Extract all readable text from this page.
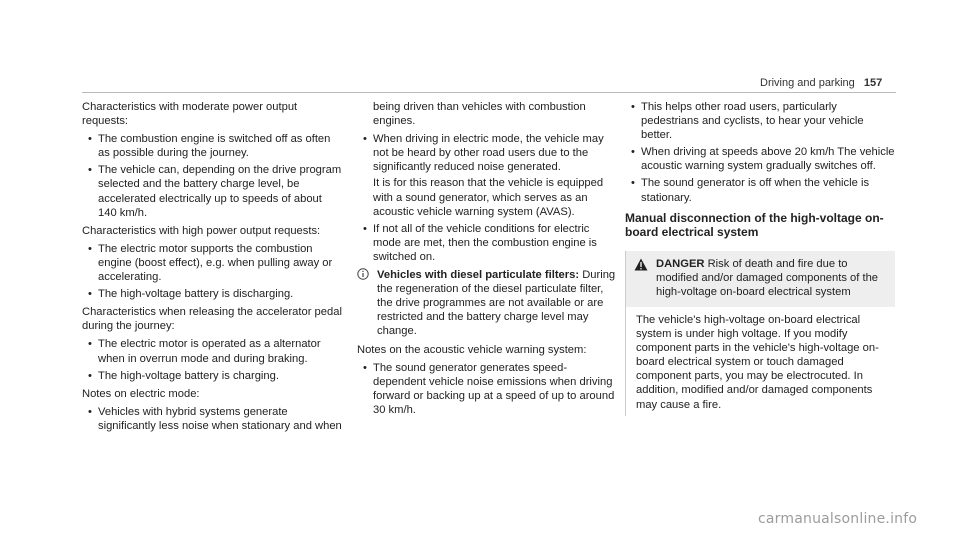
Driving and parking 157

Characteristics with moderate power output requests:

• The combustion engine is switched off as often as possible during the journey.
• The vehicle can, depending on the drive program selected and the battery charge level, be accelerated electrically up to speeds of about 140 km/h.

Characteristics with high power output requests:

• The electric motor supports the combustion engine (boost effect), e.g. when pulling away or accelerating.
• The high-voltage battery is discharging.

Characteristics when releasing the accelerator pedal during the journey:

• The electric motor is operated as a alternator when in overrun mode and during braking.
• The high-voltage battery is charging.

Notes on electric mode:

• Vehicles with hybrid systems generate significantly less noise when stationary and when

being driven than vehicles with combustion engines.

• When driving in electric mode, the vehicle may not be heard by other road users due to the significantly reduced noise generated.
It is for this reason that the vehicle is equipped with a sound generator, which serves as an acoustic vehicle warning system (AVAS).
• If not all of the vehicle conditions for electric mode are met, then the combustion engine is switched on.
Vehicles with diesel particulate filters: During the regeneration of the diesel particulate filter, the drive programmes are not available or are restricted and the battery charge level may change.

Notes on the acoustic vehicle warning system:

• The sound generator generates speed-dependent vehicle noise emissions when driving forward or backing up at a speed of up to around 30 km/h.
• This helps other road users, particularly pedestrians and cyclists, to hear your vehicle better.
• When driving at speeds above 20 km/h The vehicle acoustic warning system gradually switches off.
• The sound generator is off when the vehicle is stationary.
Manual disconnection of the high-voltage on-board electrical system
DANGER Risk of death and fire due to modified and/or damaged components of the high-voltage on-board electrical system
The vehicle's high-voltage on-board electrical system is under high voltage. If you modify component parts in the vehicle's high-voltage on-board electrical system or touch damaged component parts, you may be electrocuted. In addition, modified and/or damaged components may cause a fire.
carmanualsonline.info
